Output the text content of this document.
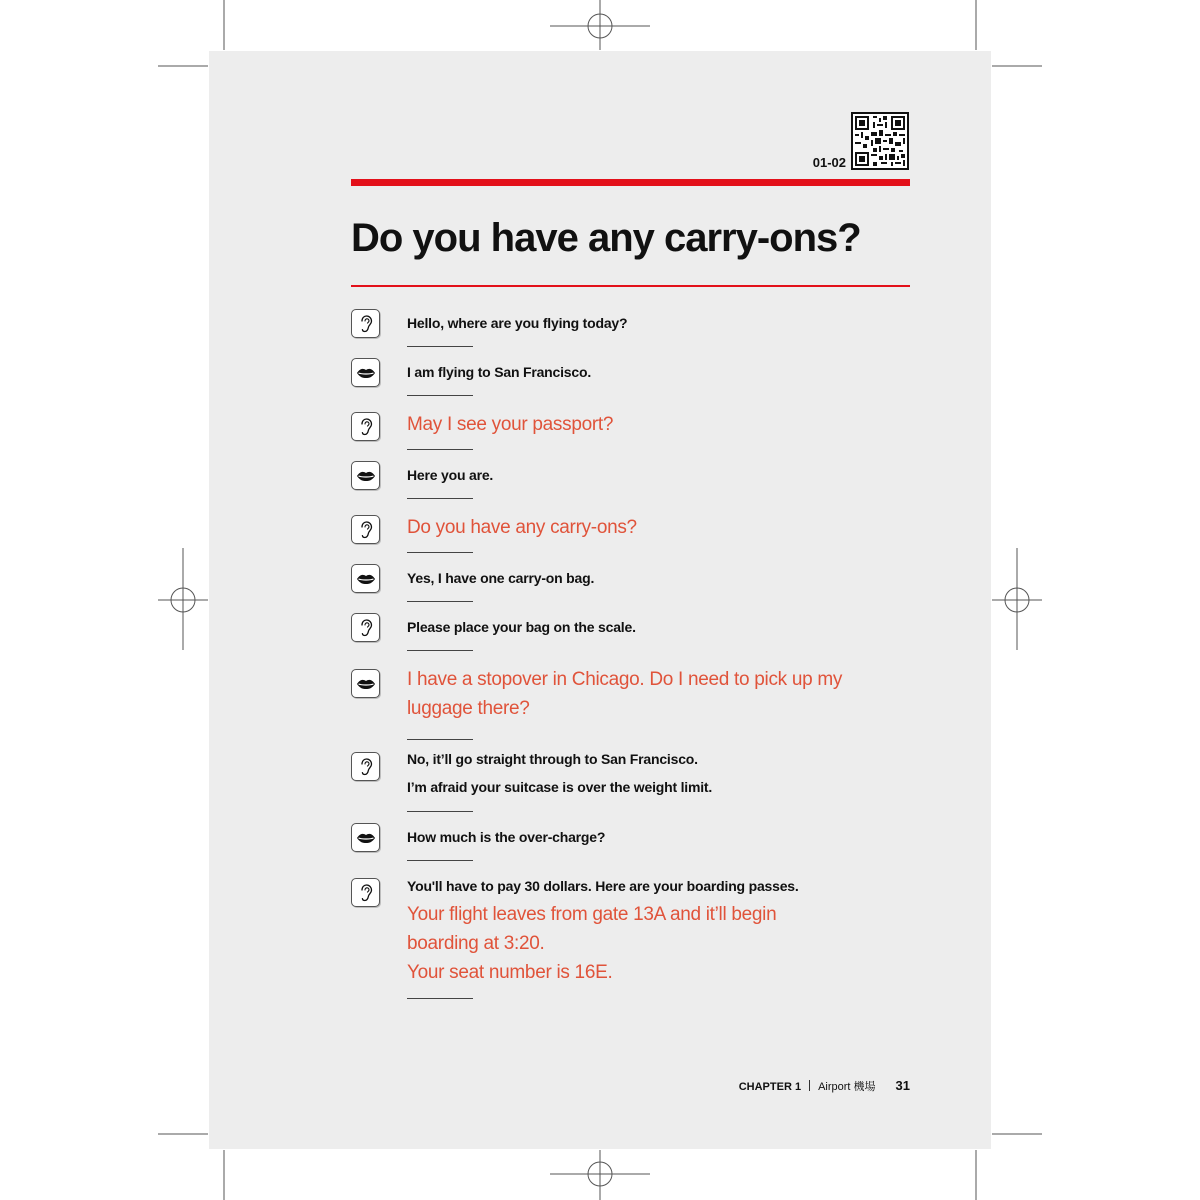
01-02
Do you have any carry-ons?

Hello, where are you flying today?

I am flying to San Francisco.

May I see your passport?

Here you are.

Do you have any carry-ons?

Yes, I have one carry-on bag.

Please place your bag on the scale.

I have a stopover in Chicago. Do I need to pick up my

luggage there?

No, it’ll go straight through to San Francisco.

I’m afraid your suitcase is over the weight limit.

How much is the over-charge?

You'll have to pay 30 dollars. Here are your boarding passes.

Your flight leaves from gate 13A and it’ll begin

boarding at 3:20.

Your seat number is 16E.

CHAPTER 1 Airport 機場 31
